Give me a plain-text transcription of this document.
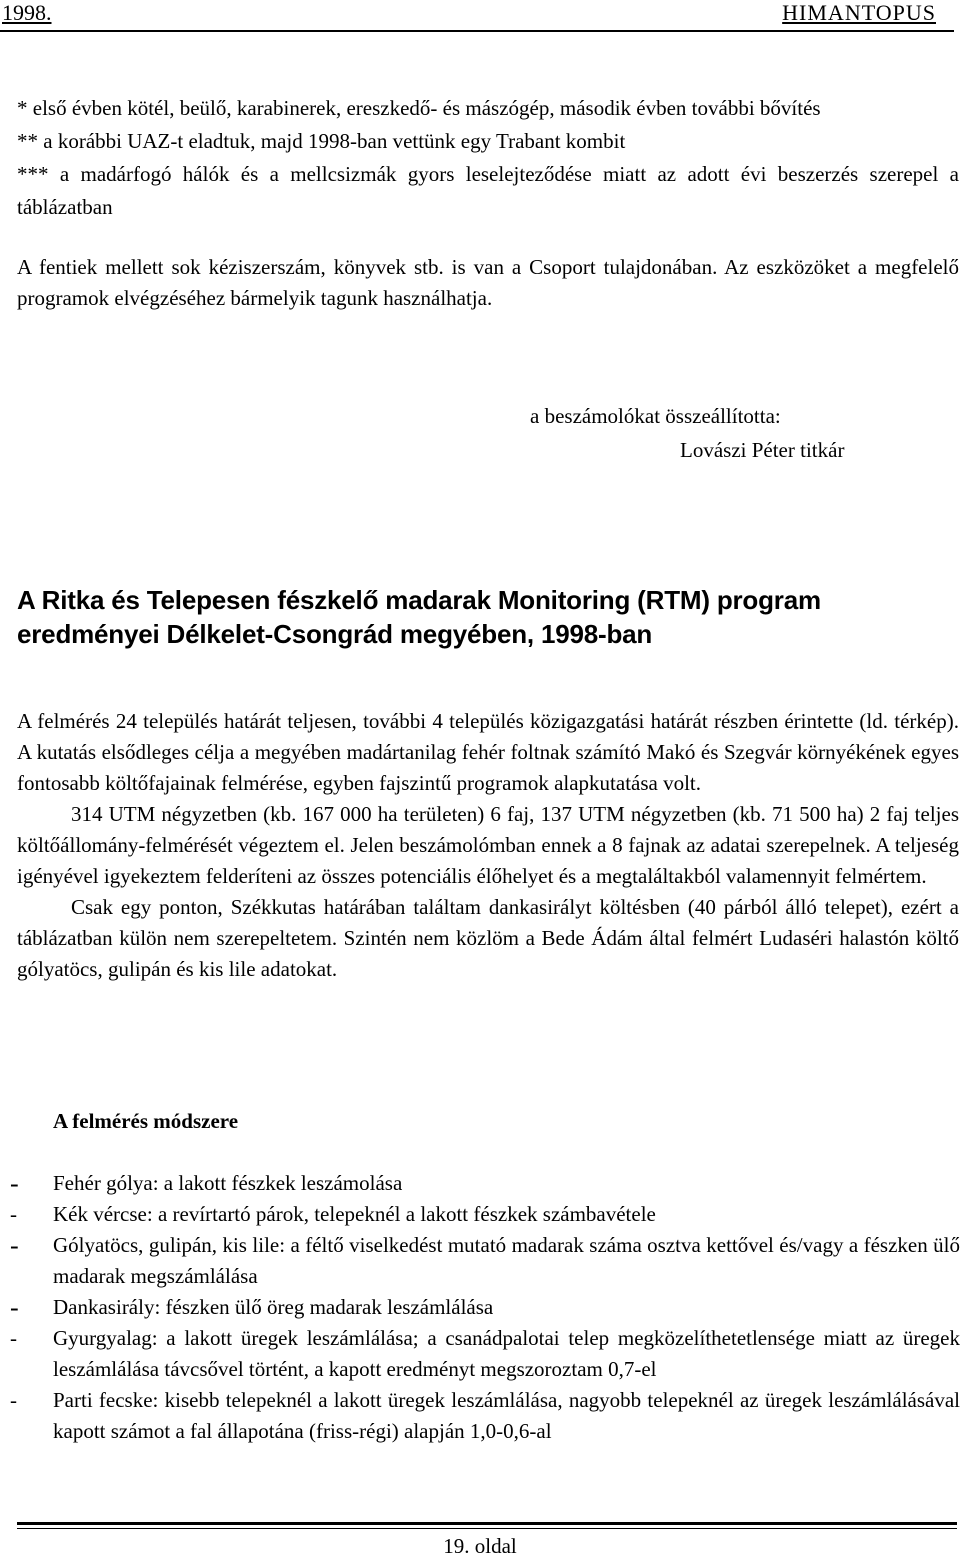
1998.	HIMANTOPUS
* első évben kötél, beülő, karabinerek, ereszkedő- és mászógép, második évben további bővítés
** a korábbi UAZ-t eladtuk, majd 1998-ban vettünk egy Trabant kombit
*** a madárfogó hálók és a mellcsizmák gyors leselejteződése miatt az adott évi beszerzés szerepel a táblázatban
A fentiek mellett sok kéziszerszám, könyvek stb. is van a Csoport tulajdonában. Az eszközöket a megfelelő programok elvégzéséhez bármelyik tagunk használhatja.
a beszámolókat összeállította:
Lovászi Péter titkár
A Ritka és Telepesen fészkelő madarak Monitoring (RTM) program eredményei Délkelet-Csongrád megyében, 1998-ban

A felmérés 24 település határát teljesen, további 4 település közigazgatási határát részben érintette (ld. térkép). A kutatás elsődleges célja a megyében madártanilag fehér foltnak számító Makó és Szegvár környékének egyes fontosabb költőfajainak felmérése, egyben fajszintű programok alapkutatása volt.

314 UTM négyzetben (kb. 167 000 ha területen) 6 faj, 137 UTM négyzetben (kb. 71 500 ha) 2 faj teljes költőállomány-felmérését végeztem el. Jelen beszámolómban ennek a 8 fajnak az adatai szerepelnek. A teljeség igényével igyekeztem felderíteni az összes potenciális élőhelyet és a megtaláltakból valamennyit felmértem.

Csak egy ponton, Székkutas határában találtam dankasirályt költésben (40 párból álló telepet), ezért a táblázatban külön nem szerepeltetem. Szintén nem közlöm a Bede Ádám által felmért Ludaséri halastón költő gólyatöcs, gulipán és kis lile adatokat.

A felmérés módszere
- Fehér gólya: a lakott fészkek leszámolása
- Kék vércse: a revírtartó párok, telepeknél a lakott fészkek számbavétele
- Gólyatöcs, gulipán, kis lile: a féltő viselkedést mutató madarak száma osztva kettővel és/vagy a fészken ülő madarak megszámlálása
- Dankasirály: fészken ülő öreg madarak leszámlálása
- Gyurgyalag: a lakott üregek leszámlálása; a csanádpalotai telep megközelíthetetlensége miatt az üregek leszámlálása távcsővel történt, a kapott eredményt megszoroztam 0,7-el
- Parti fecske: kisebb telepeknél a lakott üregek leszámlálása, nagyobb telepeknél az üregek leszámlálásával kapott számot a fal állapotána (friss-régi) alapján 1,0-0,6-al
19. oldal
